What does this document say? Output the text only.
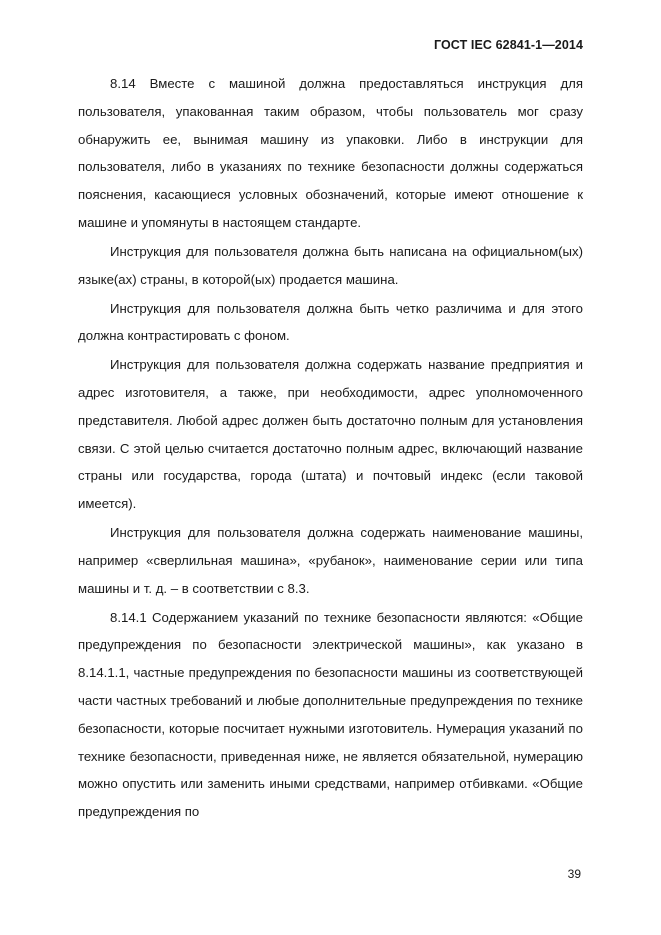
ГОСТ IEC 62841-1—2014

8.14 Вместе с машиной должна предоставляться инструкция для пользователя, упакованная таким образом, чтобы пользователь мог сразу обнаружить ее, вынимая машину из упаковки. Либо в инструкции для пользователя, либо в указаниях по технике безопасности должны содержаться пояснения, касающиеся условных обозначений, которые имеют отношение к машине и упомянуты в настоящем стандарте.

Инструкция для пользователя должна быть написана на официальном(ых) языке(ах) страны, в которой(ых) продается машина.

Инструкция для пользователя должна быть четко различима и для этого должна контрастировать с фоном.

Инструкция для пользователя должна содержать название предприятия и адрес изготовителя, а также, при необходимости, адрес уполномоченного представителя. Любой адрес должен быть достаточно полным для установления связи. С этой целью считается достаточно полным адрес, включающий название страны или государства, города (штата) и почтовый индекс (если таковой имеется).

Инструкция для пользователя должна содержать наименование машины, например «сверлильная машина», «рубанок», наименование серии или типа машины и т. д. – в соответствии с 8.3.

8.14.1 Содержанием указаний по технике безопасности являются: «Общие предупреждения по безопасности электрической машины», как указано в 8.14.1.1, частные предупреждения по безопасности машины из соответствующей части частных требований и любые дополнительные предупреждения по технике безопасности, которые посчитает нужными изготовитель. Нумерация указаний по технике безопасности, приведенная ниже, не является обязательной, нумерацию можно опустить или заменить иными средствами, например отбивками. «Общие предупреждения по

39
